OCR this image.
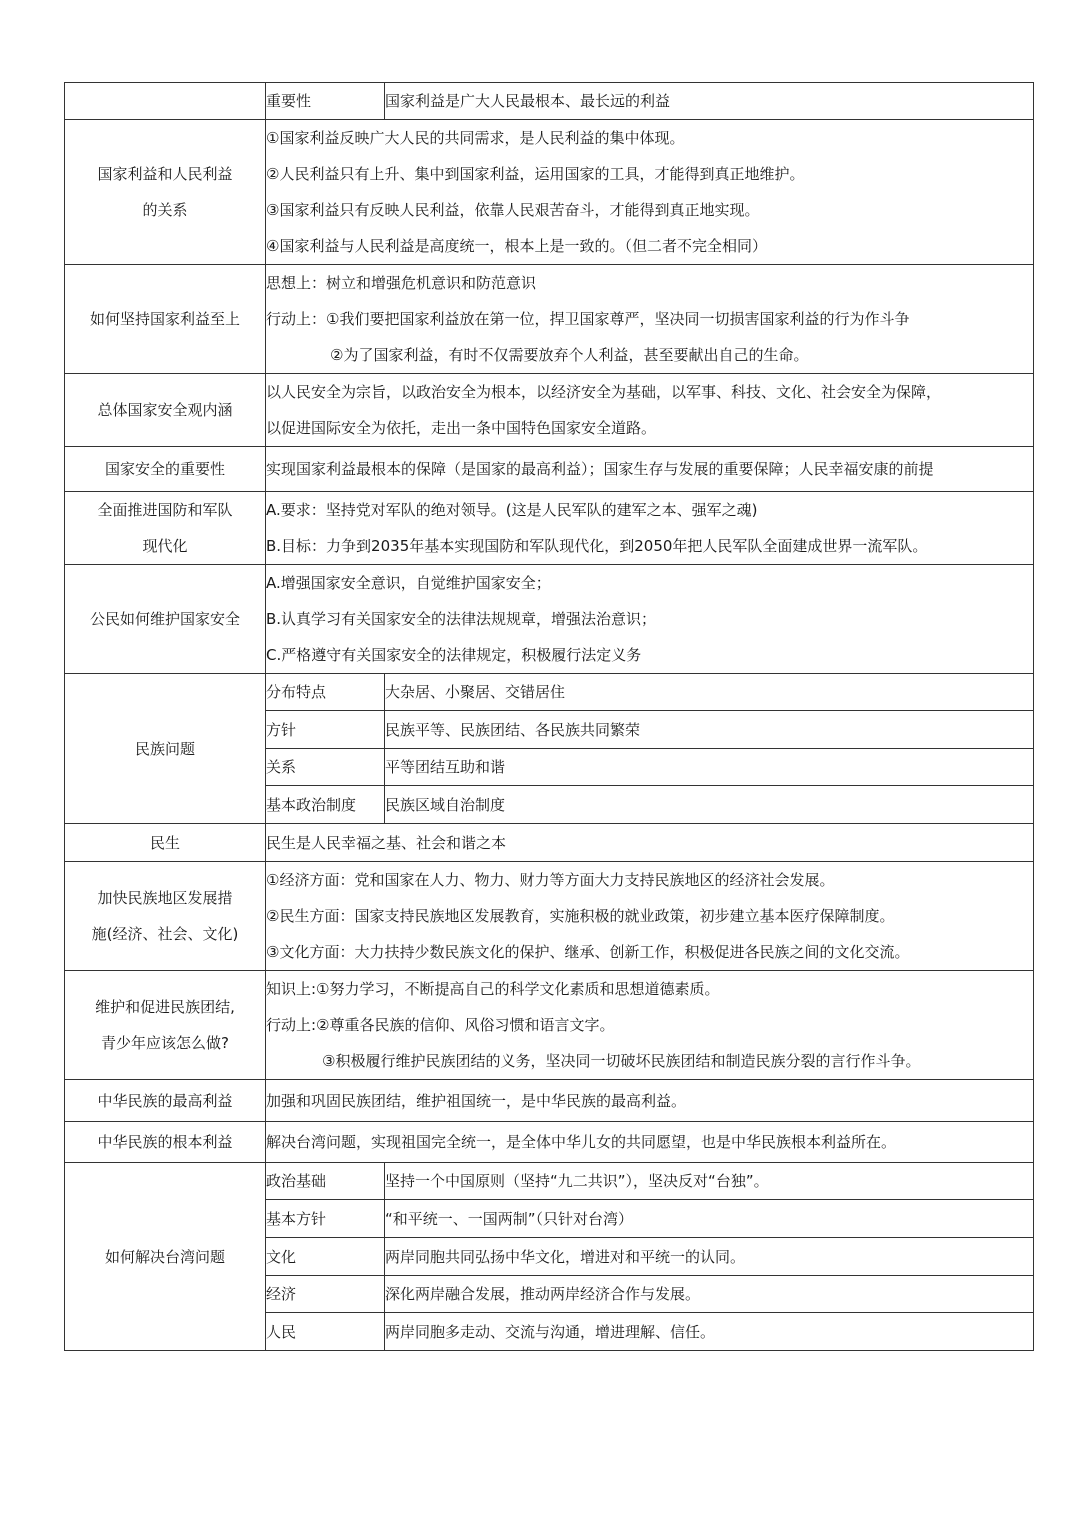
	重要性	国家利益是广大人民最根本、最长远的利益

国家利益和人民利益
的关系	①国家利益反映广大人民的共同需求，是人民利益的集中体现。
②人民利益只有上升、集中到国家利益，运用国家的工具，才能得到真正地维护。
③国家利益只有反映人民利益，依靠人民艰苦奋斗，才能得到真正地实现。
④国家利益与人民利益是高度统一，根本上是一致的。（但二者不完全相同）	

如何坚持国家利益至上	思想上：树立和增强危机意识和防范意识
行动上：①我们要把国家利益放在第一位，捍卫国家尊严，坚决同一切损害国家利益的行为作斗争
②为了国家利益，有时不仅需要放弃个人利益，甚至要献出自己的生命。	

总体国家安全观内涵	以人民安全为宗旨，以政治安全为根本，以经济安全为基础，以军事、科技、文化、社会安全为保障，
以促进国际安全为依托，走出一条中国特色国家安全道路。	

国家安全的重要性	实现国家利益最根本的保障（是国家的最高利益）；国家生存与发展的重要保障；人民幸福安康的前提	

全面推进国防和军队
现代化	A.要求：坚持党对军队的绝对领导。(这是人民军队的建军之本、强军之魂)
B.目标：力争到2035年基本实现国防和军队现代化，到2050年把人民军队全面建成世界一流军队。	

公民如何维护国家安全	A.增强国家安全意识，自觉维护国家安全；
B.认真学习有关国家安全的法律法规规章，增强法治意识；
C.严格遵守有关国家安全的法律规定，积极履行法定义务	

民族问题	分布特点	大杂居、小聚居、交错居住
	方针	民族平等、民族团结、各民族共同繁荣
	关系	平等团结互助和谐
	基本政治制度	民族区域自治制度
民生	民生是人民幸福之基、社会和谐之本	

加快民族地区发展措
施(经济、社会、文化)	①经济方面：党和国家在人力、物力、财力等方面大力支持民族地区的经济社会发展。
②民生方面：国家支持民族地区发展教育，实施积极的就业政策，初步建立基本医疗保障制度。
③文化方面：大力扶持少数民族文化的保护、继承、创新工作，积极促进各民族之间的文化交流。	

维护和促进民族团结,
青少年应该怎么做?	知识上:①努力学习，不断提高自己的科学文化素质和思想道德素质。
行动上:②尊重各民族的信仰、风俗习惯和语言文字。
③积极履行维护民族团结的义务，坚决同一切破坏民族团结和制造民族分裂的言行作斗争。	

中华民族的最高利益	加强和巩固民族团结，维护祖国统一，是中华民族的最高利益。	
中华民族的根本利益	解决台湾问题，实现祖国完全统一，是全体中华儿女的共同愿望，也是中华民族根本利益所在。	
如何解决台湾问题	政治基础	坚持一个中国原则（坚持“九二共识”），坚决反对“台独”。
	基本方针	“和平统一、一国两制”（只针对台湾）
	文化	两岸同胞共同弘扬中华文化，增进对和平统一的认同。
	经济	深化两岸融合发展，推动两岸经济合作与发展。
	人民	两岸同胞多走动、交流与沟通，增进理解、信任。
